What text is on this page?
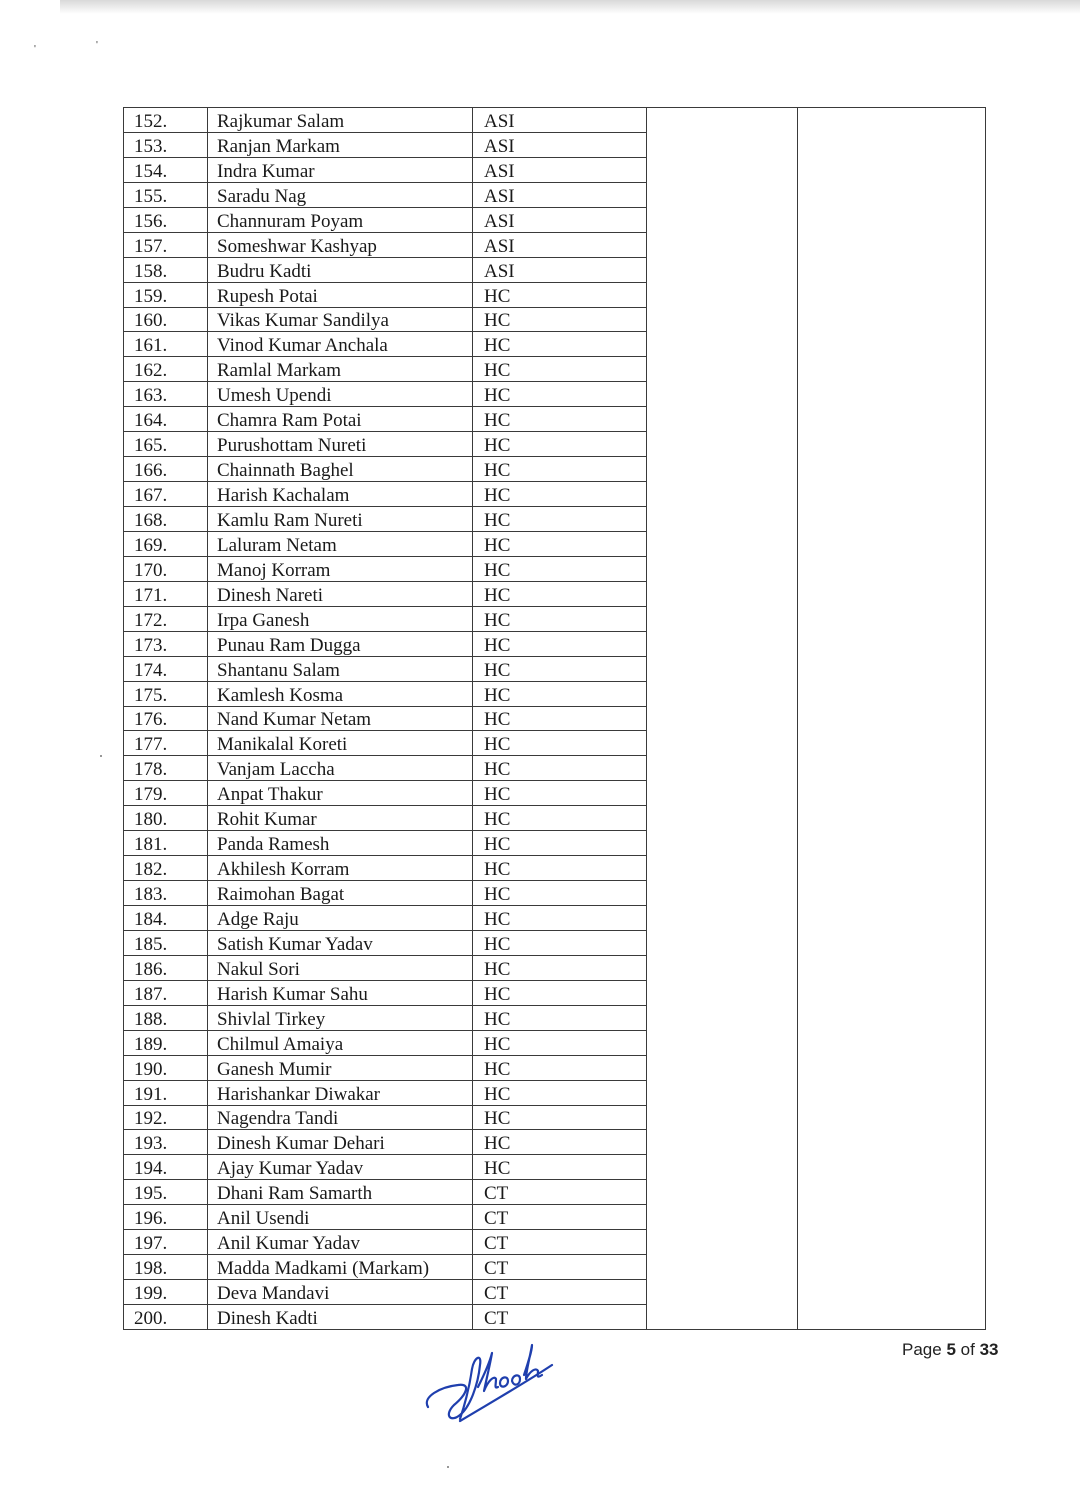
'	'
152.	Rajkumar Salam	ASI		
153.	Ranjan Markam	ASI		
154.	Indra Kumar	ASI		
155.	Saradu Nag	ASI		
156.	Channuram Poyam	ASI		
157.	Someshwar Kashyap	ASI		
158.	Budru Kadti	ASI		
159.	Rupesh Potai	HC		
160.	Vikas Kumar Sandilya	HC		
161.	Vinod Kumar Anchala	HC		
162.	Ramlal Markam	HC		
163.	Umesh Upendi	HC		
164.	Chamra Ram Potai	HC		
165.	Purushottam Nureti	HC		
166.	Chainnath Baghel	HC		
167.	Harish Kachalam	HC		
168.	Kamlu Ram Nureti	HC		
169.	Laluram Netam	HC		
170.	Manoj Korram	HC		
171.	Dinesh Nareti	HC		
172.	Irpa Ganesh	HC		
173.	Punau Ram Dugga	HC		
174.	Shantanu Salam	HC		
175.	Kamlesh Kosma	HC		
176.	Nand Kumar Netam	HC		
177.	Manikalal Koreti	HC		
178.	Vanjam Laccha	HC		
179.	Anpat Thakur	HC		
180.	Rohit Kumar	HC		
181.	Panda Ramesh	HC		
182.	Akhilesh Korram	HC		
183.	Raimohan Bagat	HC		
184.	Adge Raju	HC		
185.	Satish Kumar Yadav	HC		
186.	Nakul Sori	HC		
187.	Harish Kumar Sahu	HC		
188.	Shivlal Tirkey	HC		
189.	Chilmul Amaiya	HC		
190.	Ganesh Mumir	HC		
191.	Harishankar Diwakar	HC		
192.	Nagendra Tandi	HC		
193.	Dinesh Kumar Dehari	HC		
194.	Ajay Kumar Yadav	HC		
195.	Dhani Ram Samarth	CT		
196.	Anil Usendi	CT		
197.	Anil Kumar Yadav	CT		
198.	Madda Madkami (Markam)	CT		
199.	Deva Mandavi	CT		
200.	Dinesh Kadti	CT		
Page 5 of 33
